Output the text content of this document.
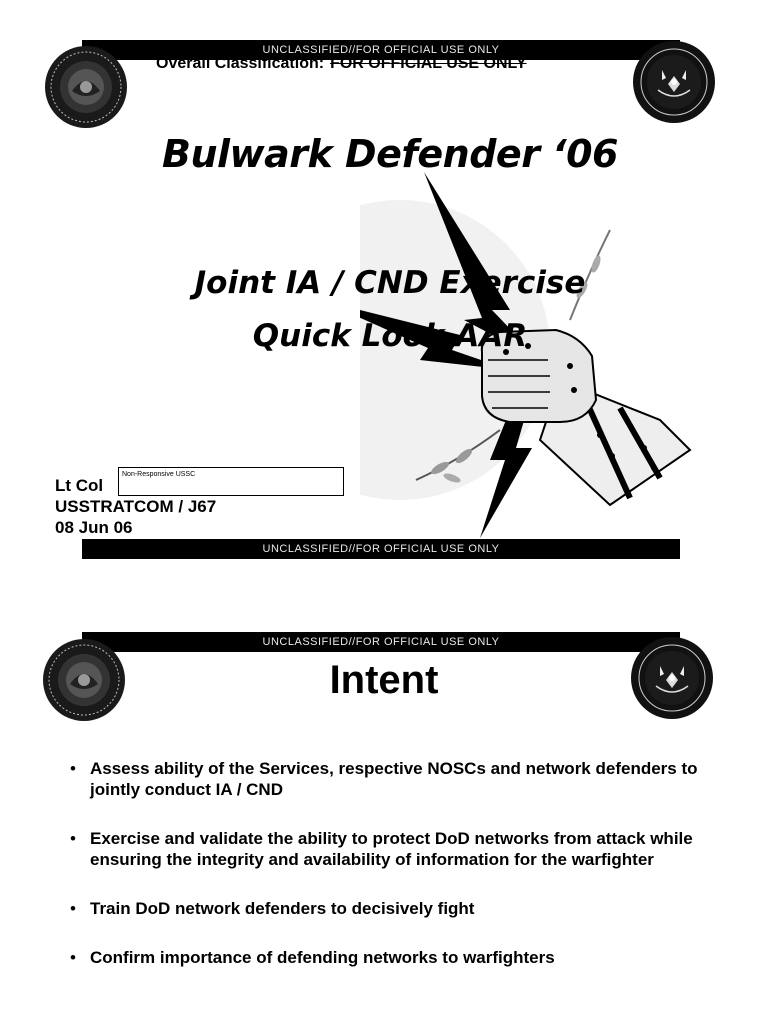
UNCLASSIFIED//FOR OFFICIAL USE ONLY
Overall Classification: FOR OFFICIAL USE ONLY
Bulwark Defender ‘06
Joint IA / CND Exercise
Quick Look AAR
Lt Col
USSTRATCOM / J67
08 Jun 06
Non-Responsive USSC
UNCLASSIFIED//FOR OFFICIAL USE ONLY
UNCLASSIFIED//FOR OFFICIAL USE ONLY
Intent
• Assess ability of the Services, respective NOSCs and network defenders to jointly conduct IA / CND
• Exercise and validate the ability to protect DoD networks from attack while ensuring the integrity and availability of information for the warfighter
• Train DoD network defenders to decisively fight
• Confirm importance of defending networks to warfighters
